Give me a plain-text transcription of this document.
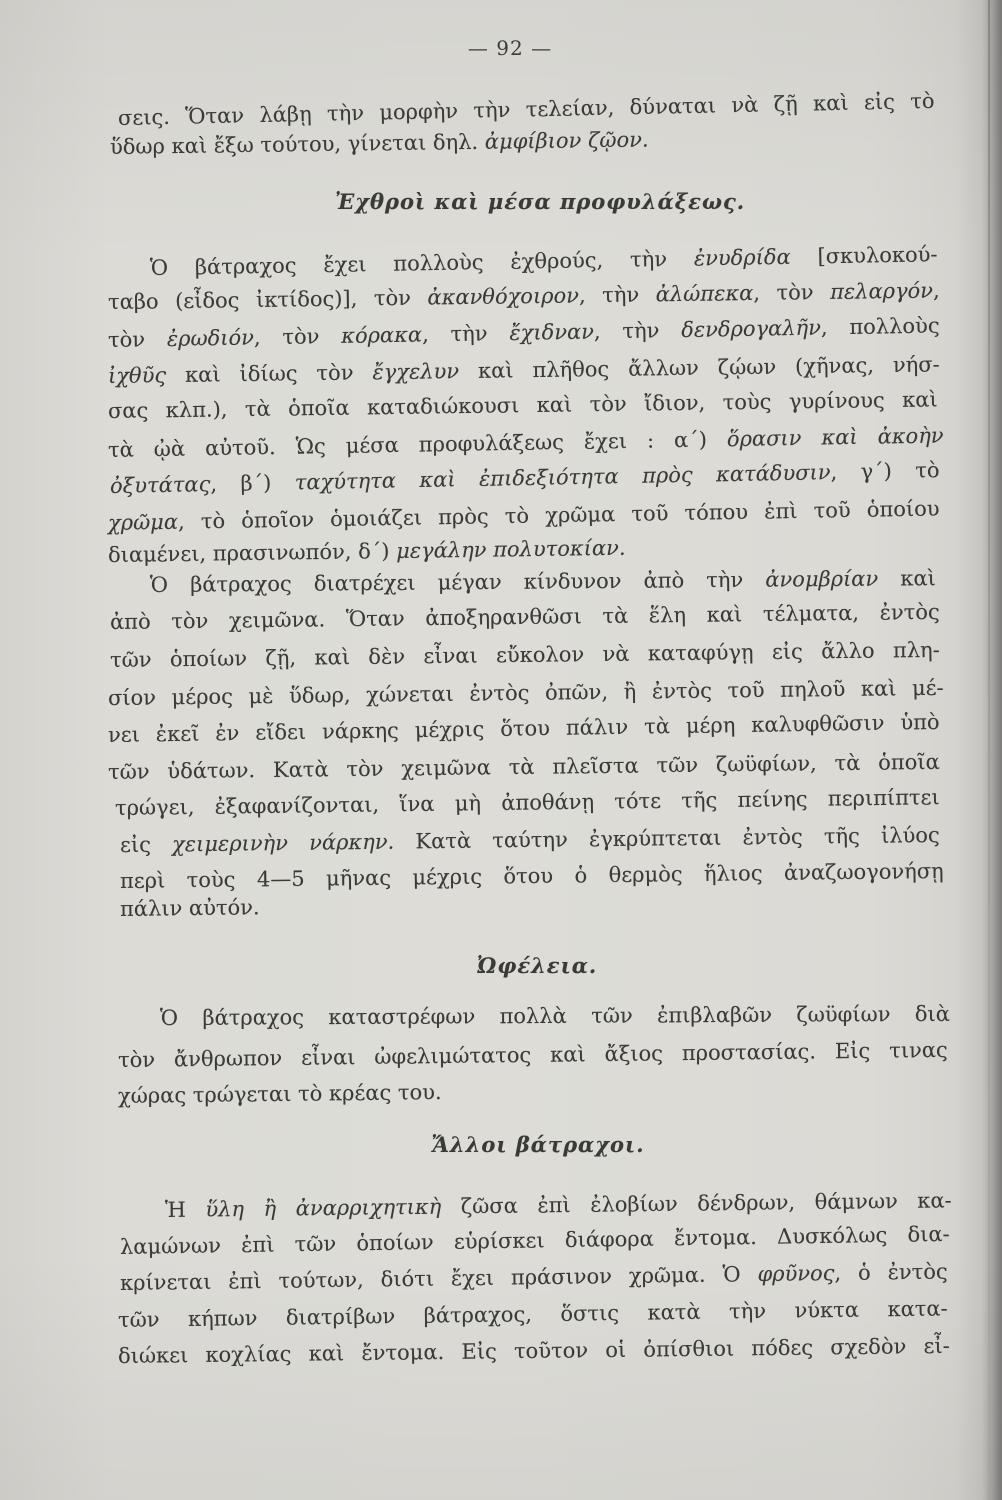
— 92 —
σεις. Ὅταν λάβῃ τὴν μορφὴν τὴν τελείαν, δύναται νὰ ζῇ καὶ εἰς τὸ
ὕδωρ καὶ ἔξω τούτου, γίνεται δηλ. ἀμφίβιον ζῷον.
Ἐχθροὶ καὶ μέσα προφυλάξεως.
Ὁ βάτραχος ἔχει πολλοὺς ἐχθρούς, τὴν ἐνυδρίδα [σκυλοκού-
ταβο (εἶδος ἰκτίδος)], τὸν ἀκανθόχοιρον, τὴν ἀλώπεκα, τὸν πελαργόν,
τὸν ἐρωδιόν, τὸν κόρακα, τὴν ἔχιδναν, τὴν δενδρογαλῆν, πολλοὺς
ἰχθῦς καὶ ἰδίως τὸν ἔγχελυν καὶ πλῆθος ἄλλων ζῴων (χῆνας, νήσ-
σας κλπ.), τὰ ὁποῖα καταδιώκουσι καὶ τὸν ἴδιον, τοὺς γυρίνους καὶ
τὰ ᾠὰ αὐτοῦ. Ὡς μέσα προφυλάξεως ἔχει : α΄) ὅρασιν καὶ ἀκοὴν
ὀξυτάτας, β΄) ταχύτητα καὶ ἐπιδεξιότητα πρὸς κατάδυσιν, γ΄) τὸ
χρῶμα, τὸ ὁποῖον ὁμοιάζει πρὸς τὸ χρῶμα τοῦ τόπου ἐπὶ τοῦ ὁποίου
διαμένει, πρασινωπόν, δ΄) μεγάλην πολυτοκίαν.
Ὁ βάτραχος διατρέχει μέγαν κίνδυνον ἀπὸ τὴν ἀνομβρίαν καὶ
ἀπὸ τὸν χειμῶνα. Ὅταν ἀποξηρανθῶσι τὰ ἕλη καὶ τέλματα, ἐντὸς
τῶν ὁποίων ζῇ, καὶ δὲν εἶναι εὔκολον νὰ καταφύγῃ εἰς ἄλλο πλη-
σίον μέρος μὲ ὕδωρ, χώνεται ἐντὸς ὀπῶν, ἢ ἐντὸς τοῦ πηλοῦ καὶ μέ-
νει ἐκεῖ ἐν εἴδει νάρκης μέχρις ὅτου πάλιν τὰ μέρη καλυφθῶσιν ὑπὸ
τῶν ὑδάτων. Κατὰ τὸν χειμῶνα τὰ πλεῖστα τῶν ζωϋφίων, τὰ ὁποῖα
τρώγει, ἐξαφανίζονται, ἵνα μὴ ἀποθάνῃ τότε τῆς πείνης περιπίπτει
εἰς χειμερινὴν νάρκην. Κατὰ ταύτην ἐγκρύπτεται ἐντὸς τῆς ἰλύος
περὶ τοὺς 4—5 μῆνας μέχρις ὅτου ὁ θερμὸς ἥλιος ἀναζωογονήσῃ
πάλιν αὐτόν.
Ὠφέλεια.
Ὁ βάτραχος καταστρέφων πολλὰ τῶν ἐπιβλαβῶν ζωϋφίων διὰ
τὸν ἄνθρωπον εἶναι ὠφελιμώτατος καὶ ἄξιος προστασίας. Εἰς τινας
χώρας τρώγεται τὸ κρέας του.
Ἄλλοι βάτραχοι.
Ἡ ὕλη ἢ ἀναρριχητικὴ ζῶσα ἐπὶ ἐλοβίων δένδρων, θάμνων κα-
λαμώνων ἐπὶ τῶν ὁποίων εὑρίσκει διάφορα ἔντομα. Δυσκόλως δια-
κρίνεται ἐπὶ τούτων, διότι ἔχει πράσινον χρῶμα. Ὁ φρῦνος, ὁ ἐντὸς
τῶν κήπων διατρίβων βάτραχος, ὅστις κατὰ τὴν νύκτα κατα-
διώκει κοχλίας καὶ ἔντομα. Εἰς τοῦτον οἱ ὀπίσθιοι πόδες σχεδὸν εἶ-
